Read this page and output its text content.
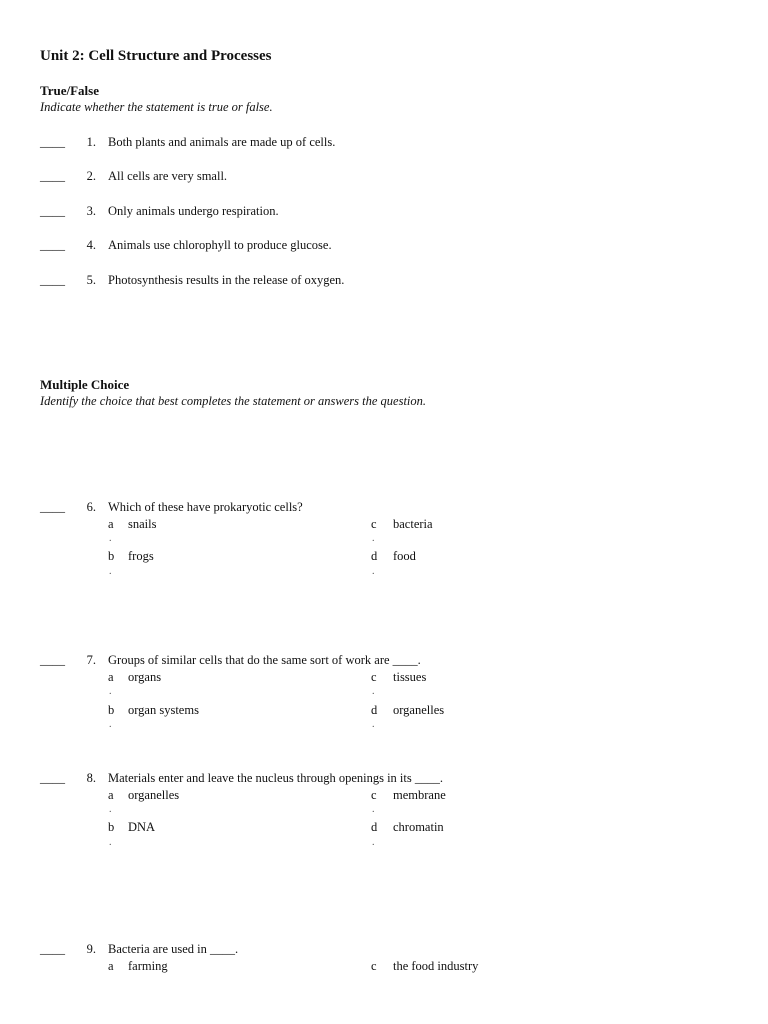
Unit 2: Cell Structure and Processes
True/False
Indicate whether the statement is true or false.
____	1. Both plants and animals are made up of cells.
____	2. All cells are very small.
____	3. Only animals undergo respiration.
____	4. Animals use chlorophyll to produce glucose.
____	5. Photosynthesis results in the release of oxygen.
Multiple Choice
Identify the choice that best completes the statement or answers the question.
____	6. Which of these have prokaryotic cells?
a snails
.
c bacteria
.
b frogs
.
d food
.
____	7. Groups of similar cells that do the same sort of work are ____.
a organs
.
c tissues
.
b organ systems
.
d organelles
.
____	8. Materials enter and leave the nucleus through openings in its ____.
a organelles
.
c membrane
.
b DNA
.
d chromatin
.
____	9. Bacteria are used in ____.
a farming	c the food industry
